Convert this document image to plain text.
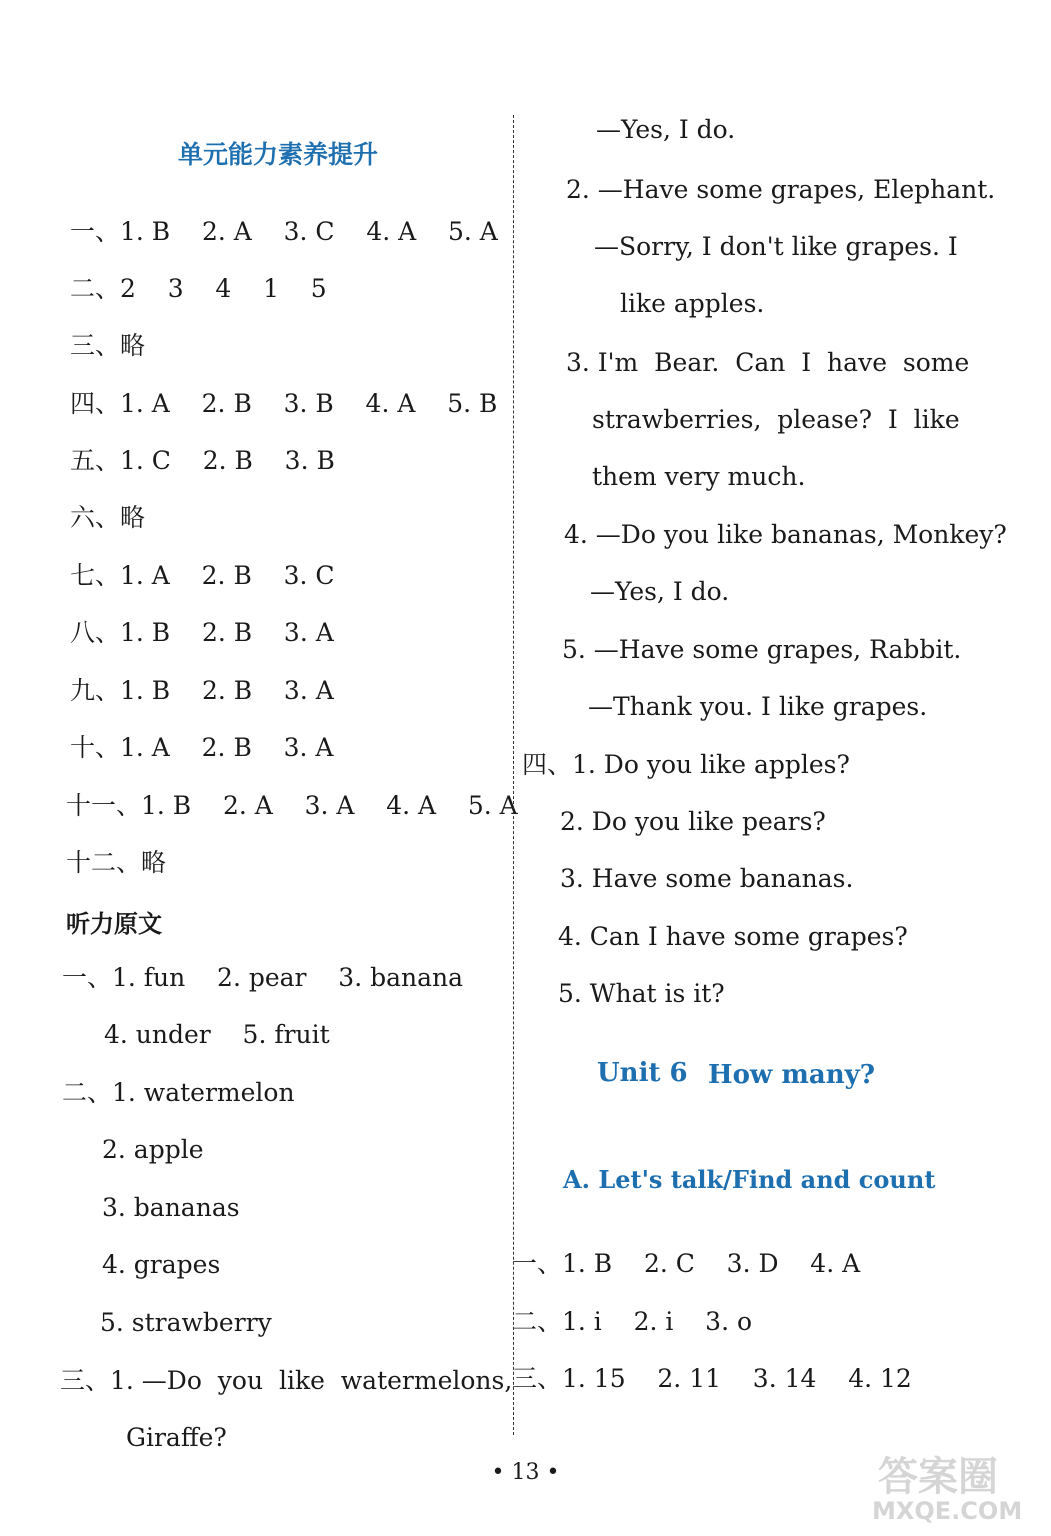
单元能力素养提升
一、1. B    2. A    3. C    4. A    5. A
二、2    3    4    1    5
三、略
四、1. A    2. B    3. B    4. A    5. B
五、1. C    2. B    3. B
六、略
七、1. A    2. B    3. C
八、1. B    2. B    3. A
九、1. B    2. B    3. A
十、1. A    2. B    3. A
十一、1. B    2. A    3. A    4. A    5. A
十二、略
听力原文
一、1. fun    2. pear    3. banana
4. under    5. fruit
二、1. watermelon
2. apple
3. bananas
4. grapes
5. strawberry
三、1. —Do  you  like  watermelons,
Giraffe?
—Yes, I do.
2. —Have some grapes, Elephant.
—Sorry, I don't like grapes. I
like apples.
3. I'm  Bear.  Can  I  have  some
strawberries,  please?  I  like
them very much.
4. —Do you like bananas, Monkey?
—Yes, I do.
5. —Have some grapes, Rabbit.
—Thank you. I like grapes.
四、1. Do you like apples?
2. Do you like pears?
3. Have some bananas.
4. Can I have some grapes?
5. What is it?
Unit 6 How many?
A. Let's talk/Find and count
一、1. B    2. C    3. D    4. A
二、1. i    2. i    3. o
三、1. 15    2. 11    3. 14    4. 12
• 13 •	答案圈
MXQE.COM
